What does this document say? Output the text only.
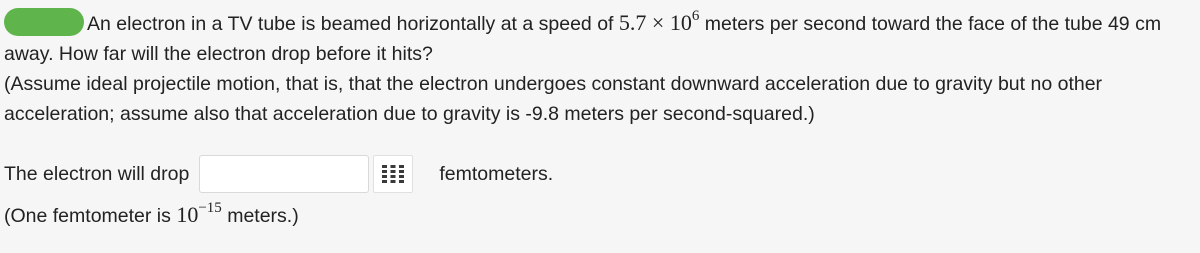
An electron in a TV tube is beamed horizontally at a speed of $5.7 \times 10^6$ meters per second toward the face of the tube 49 cm away. How far will the electron drop before it hits?
(Assume ideal projectile motion, that is, that the electron undergoes constant downward acceleration due to gravity but no other acceleration; assume also that acceleration due to gravity is -9.8 meters per second-squared.)
The electron will drop	femtometers.
(One femtometer is $10^{-15}$ meters.)
